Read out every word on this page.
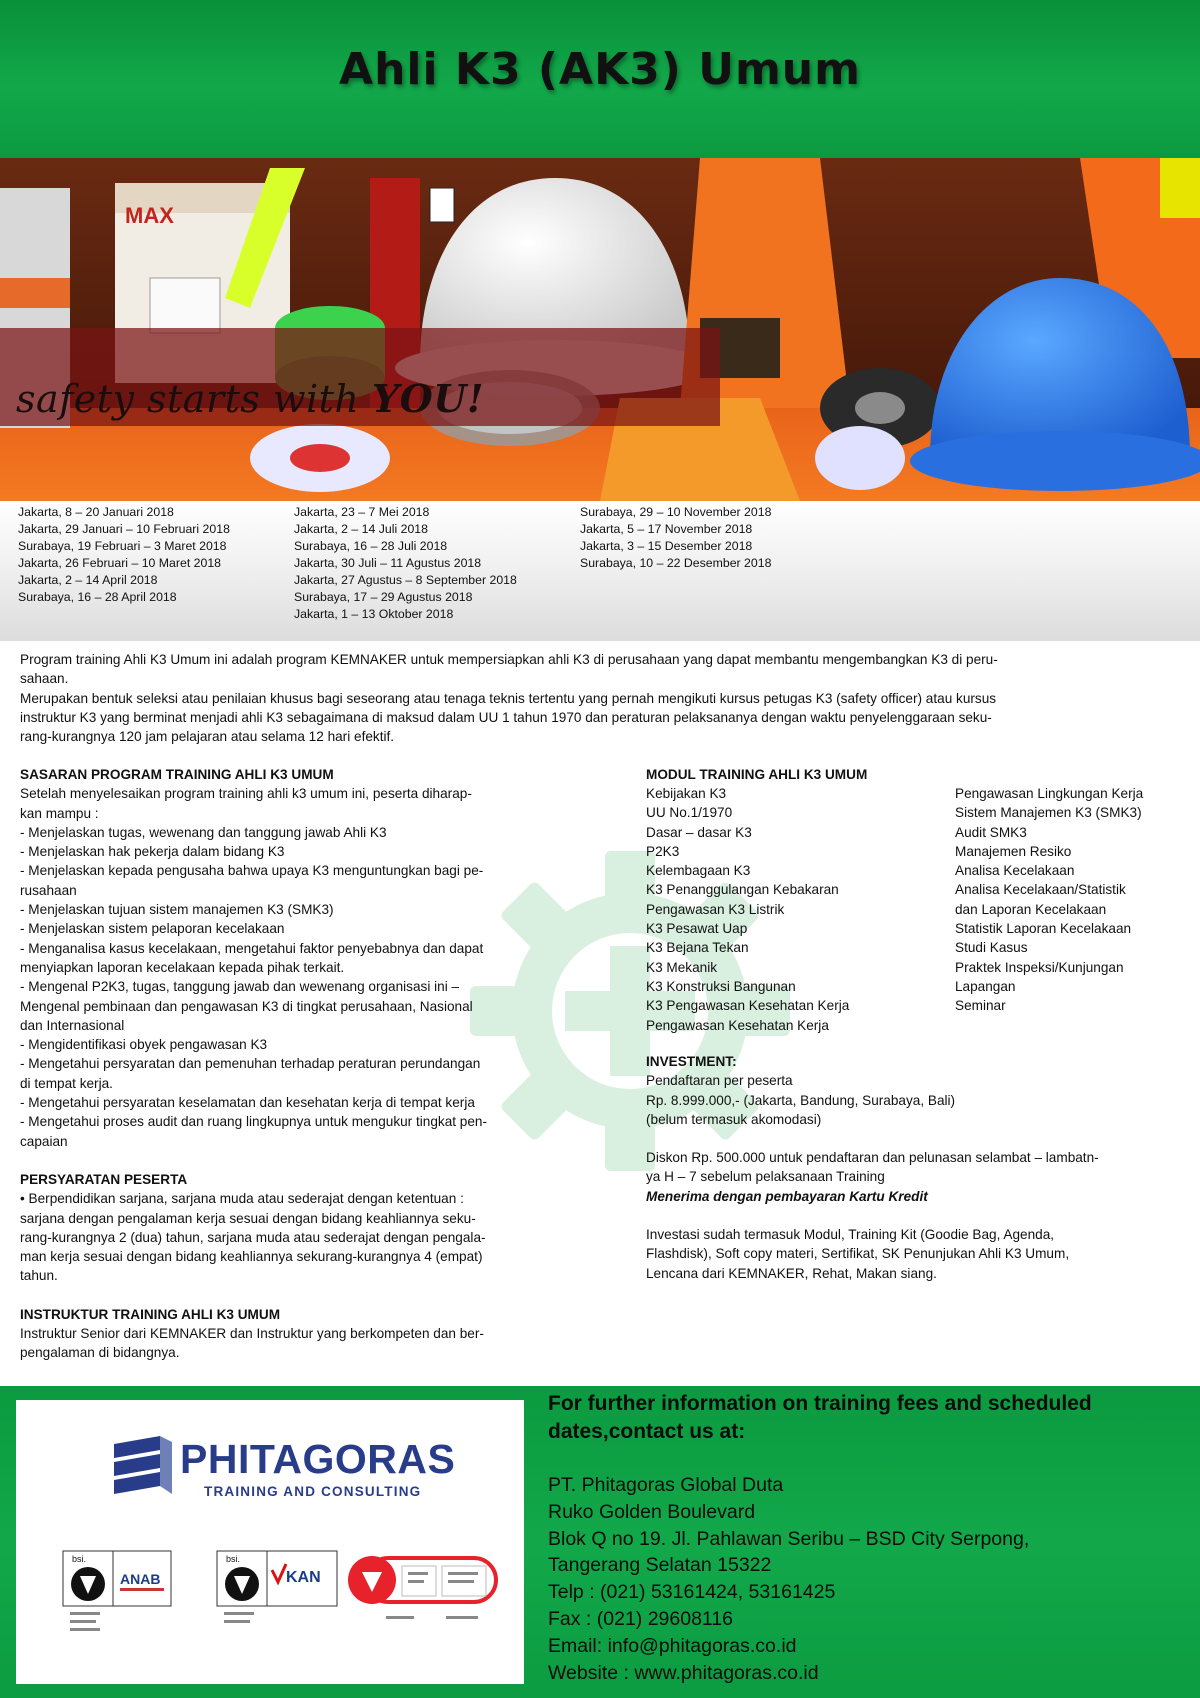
Ahli K3 (AK3) Umum
MAX
safety starts with YOU!
Jakarta, 8 – 20 Januari 2018
Jakarta, 29 Januari – 10 Februari 2018
Surabaya, 19 Februari – 3 Maret 2018
Jakarta, 26 Februari – 10 Maret 2018
Jakarta, 2 – 14 April 2018
Surabaya, 16 – 28 April 2018
Jakarta, 23 – 7 Mei 2018
Jakarta, 2 – 14 Juli 2018
Surabaya, 16 – 28 Juli 2018
Jakarta, 30 Juli – 11 Agustus 2018
Jakarta, 27 Agustus – 8 September 2018
Surabaya, 17 – 29 Agustus 2018
Jakarta, 1 – 13 Oktober 2018
Surabaya, 29 – 10 November 2018
Jakarta, 5 – 17 November 2018
Jakarta, 3 – 15 Desember 2018
Surabaya, 10 – 22 Desember 2018

Program training Ahli K3 Umum ini adalah program KEMNAKER untuk mempersiapkan ahli K3 di perusahaan yang dapat membantu mengembangkan K3 di peru-

sahaan.

Merupakan bentuk seleksi atau penilaian khusus bagi seseorang atau tenaga teknis tertentu yang pernah mengikuti kursus petugas K3 (safety officer) atau kursus

instruktur K3 yang berminat menjadi ahli K3 sebagaimana di maksud dalam UU 1 tahun 1970 dan peraturan pelaksananya dengan waktu penyelenggaraan seku-

rang-kurangnya 120 jam pelajaran atau selama 12 hari efektif.

SASARAN PROGRAM TRAINING AHLI K3 UMUM

Setelah menyelesaikan program training ahli k3 umum ini, peserta diharap-

kan mampu :

- Menjelaskan tugas, wewenang dan tanggung jawab Ahli K3

- Menjelaskan hak pekerja dalam bidang K3

- Menjelaskan kepada pengusaha bahwa upaya K3 menguntungkan bagi pe-

rusahaan

- Menjelaskan tujuan sistem manajemen K3 (SMK3)

- Menjelaskan sistem pelaporan kecelakaan

- Menganalisa kasus kecelakaan, mengetahui faktor penyebabnya dan dapat

menyiapkan laporan kecelakaan kepada pihak terkait.

- Mengenal P2K3, tugas, tanggung jawab dan wewenang organisasi ini –

Mengenal pembinaan dan pengawasan K3 di tingkat perusahaan, Nasional

dan Internasional

- Mengidentifikasi obyek pengawasan K3

- Mengetahui persyaratan dan pemenuhan terhadap peraturan perundangan

di tempat kerja.

- Mengetahui persyaratan keselamatan dan kesehatan kerja di tempat kerja

- Mengetahui proses audit dan ruang lingkupnya untuk mengukur tingkat pen-

capaian

PERSYARATAN PESERTA

• Berpendidikan sarjana, sarjana muda atau sederajat dengan ketentuan :

sarjana dengan pengalaman kerja sesuai dengan bidang keahliannya seku-

rang-kurangnya 2 (dua) tahun, sarjana muda atau sederajat dengan pengala-

man kerja sesuai dengan bidang keahliannya sekurang-kurangnya 4 (empat)

tahun.

INSTRUKTUR TRAINING AHLI K3 UMUM

Instruktur Senior dari KEMNAKER dan Instruktur yang berkompeten dan ber-

pengalaman di bidangnya.

MODUL TRAINING AHLI K3 UMUM

Kebijakan K3
UU No.1/1970
Dasar – dasar K3
P2K3
Kelembagaan K3
K3 Penanggulangan Kebakaran
Pengawasan K3 Listrik
K3 Pesawat Uap
K3 Bejana Tekan
K3 Mekanik
K3 Konstruksi Bangunan
K3 Pengawasan Kesehatan Kerja
Pengawasan Kesehatan Kerja
Pengawasan Lingkungan Kerja
Sistem Manajemen K3 (SMK3)
Audit SMK3
Manajemen Resiko
Analisa Kecelakaan
Analisa Kecelakaan/Statistik
dan Laporan Kecelakaan
Statistik Laporan Kecelakaan
Studi Kasus
Praktek Inspeksi/Kunjungan
Lapangan
Seminar

INVESTMENT:

Pendaftaran per peserta

Rp. 8.999.000,- (Jakarta, Bandung, Surabaya, Bali)

(belum termasuk akomodasi)

Diskon Rp. 500.000 untuk pendaftaran dan pelunasan selambat – lambatn-

ya H – 7 sebelum pelaksanaan Training

Menerima dengan pembayaran Kartu Kredit

Investasi sudah termasuk Modul, Training Kit (Goodie Bag, Agenda,

Flashdisk), Soft copy materi, Sertifikat, SK Penunjukan Ahli K3 Umum,

Lencana dari KEMNAKER, Rehat, Makan siang.

PHITAGORAS
TRAINING AND CONSULTING
bsi.
ANAB
bsi.
KAN
For further information on training fees and scheduled
dates,contact us at:
PT. Phitagoras Global Duta
Ruko Golden Boulevard
Blok Q no 19. Jl. Pahlawan Seribu – BSD City Serpong,
Tangerang Selatan 15322
Telp : (021) 53161424, 53161425
Fax : (021) 29608116
Email: info@phitagoras.co.id
Website : www.phitagoras.co.id
